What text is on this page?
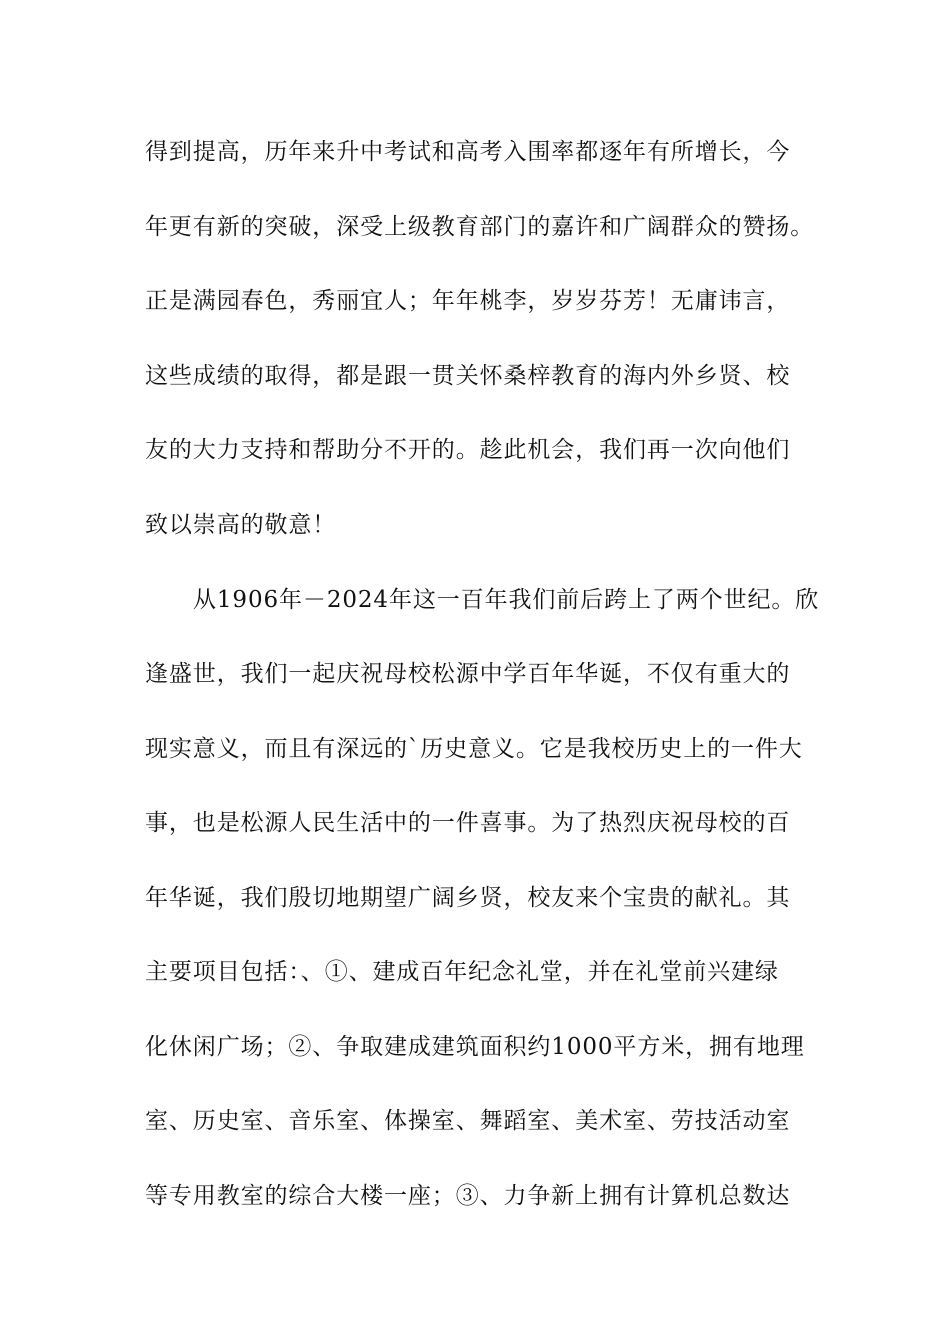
得到提高，历年来升中考试和高考入围率都逐年有所增长，今
年更有新的突破，深受上级教育部门的嘉许和广阔群众的赞扬。
正是满园春色，秀丽宜人；年年桃李，岁岁芬芳！无庸讳言，
这些成绩的取得，都是跟一贯关怀桑梓教育的海内外乡贤、校
友的大力支持和帮助分不开的。趁此机会，我们再一次向他们
致以崇高的敬意！
从1906年－2024年这一百年我们前后跨上了两个世纪。欣
逢盛世，我们一起庆祝母校松源中学百年华诞，不仅有重大的
现实意义，而且有深远的`历史意义。它是我校历史上的一件大
事，也是松源人民生活中的一件喜事。为了热烈庆祝母校的百
年华诞，我们殷切地期望广阔乡贤，校友来个宝贵的献礼。其
主要项目包括：、①、建成百年纪念礼堂，并在礼堂前兴建绿
化休闲广场；②、争取建成建筑面积约1000平方米，拥有地理
室、历史室、音乐室、体操室、舞蹈室、美术室、劳技活动室
等专用教室的综合大楼一座；③、力争新上拥有计算机总数达
